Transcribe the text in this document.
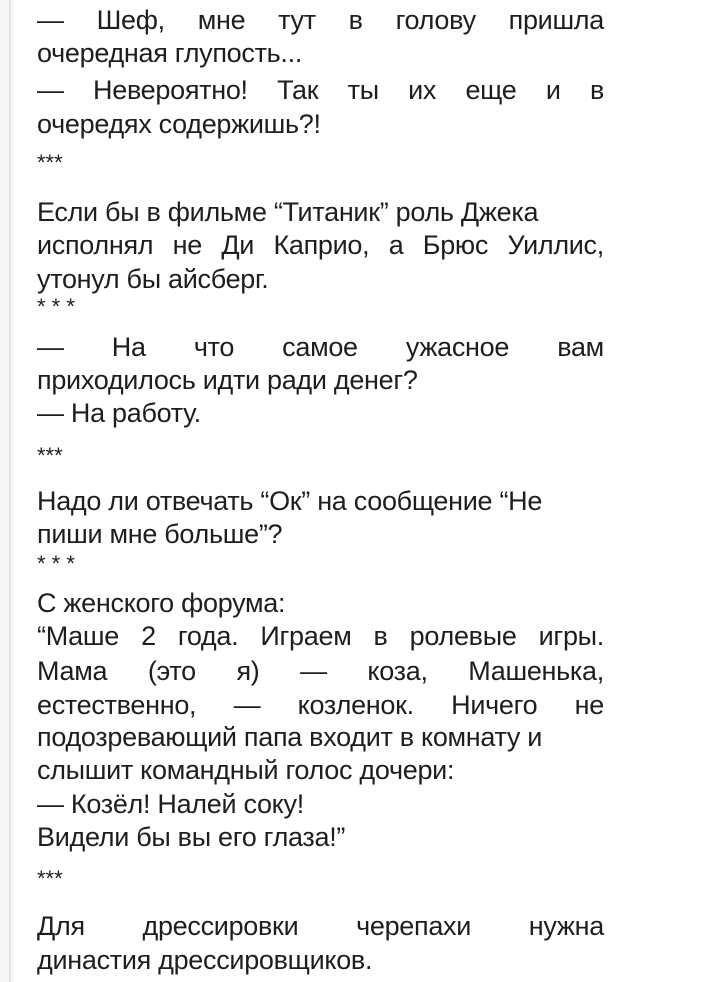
— Шеф, мне тут в голову пришла
очередная глупость...
— Невероятно! Так ты их еще и в
очередях содержишь?!
***
Если бы в фильме “Титаник” роль Джека
исполнял не Ди Каприо, а Брюс Уиллис,
утонул бы айсберг.
* * *
— На что самое ужасное вам
приходилось идти ради денег?
— На работу.
***
Надо ли отвечать “Ок” на сообщение “Не
пиши мне больше”?
* * *
С женского форума:
“Маше 2 года. Играем в ролевые игры.
Мама (это я) — коза, Машенька,
естественно, — козленок. Ничего не
подозревающий папа входит в комнату и
слышит командный голос дочери:
— Козёл! Налей соку!
Видели бы вы его глаза!”
***
Для дрессировки черепахи нужна
династия дрессировщиков.
